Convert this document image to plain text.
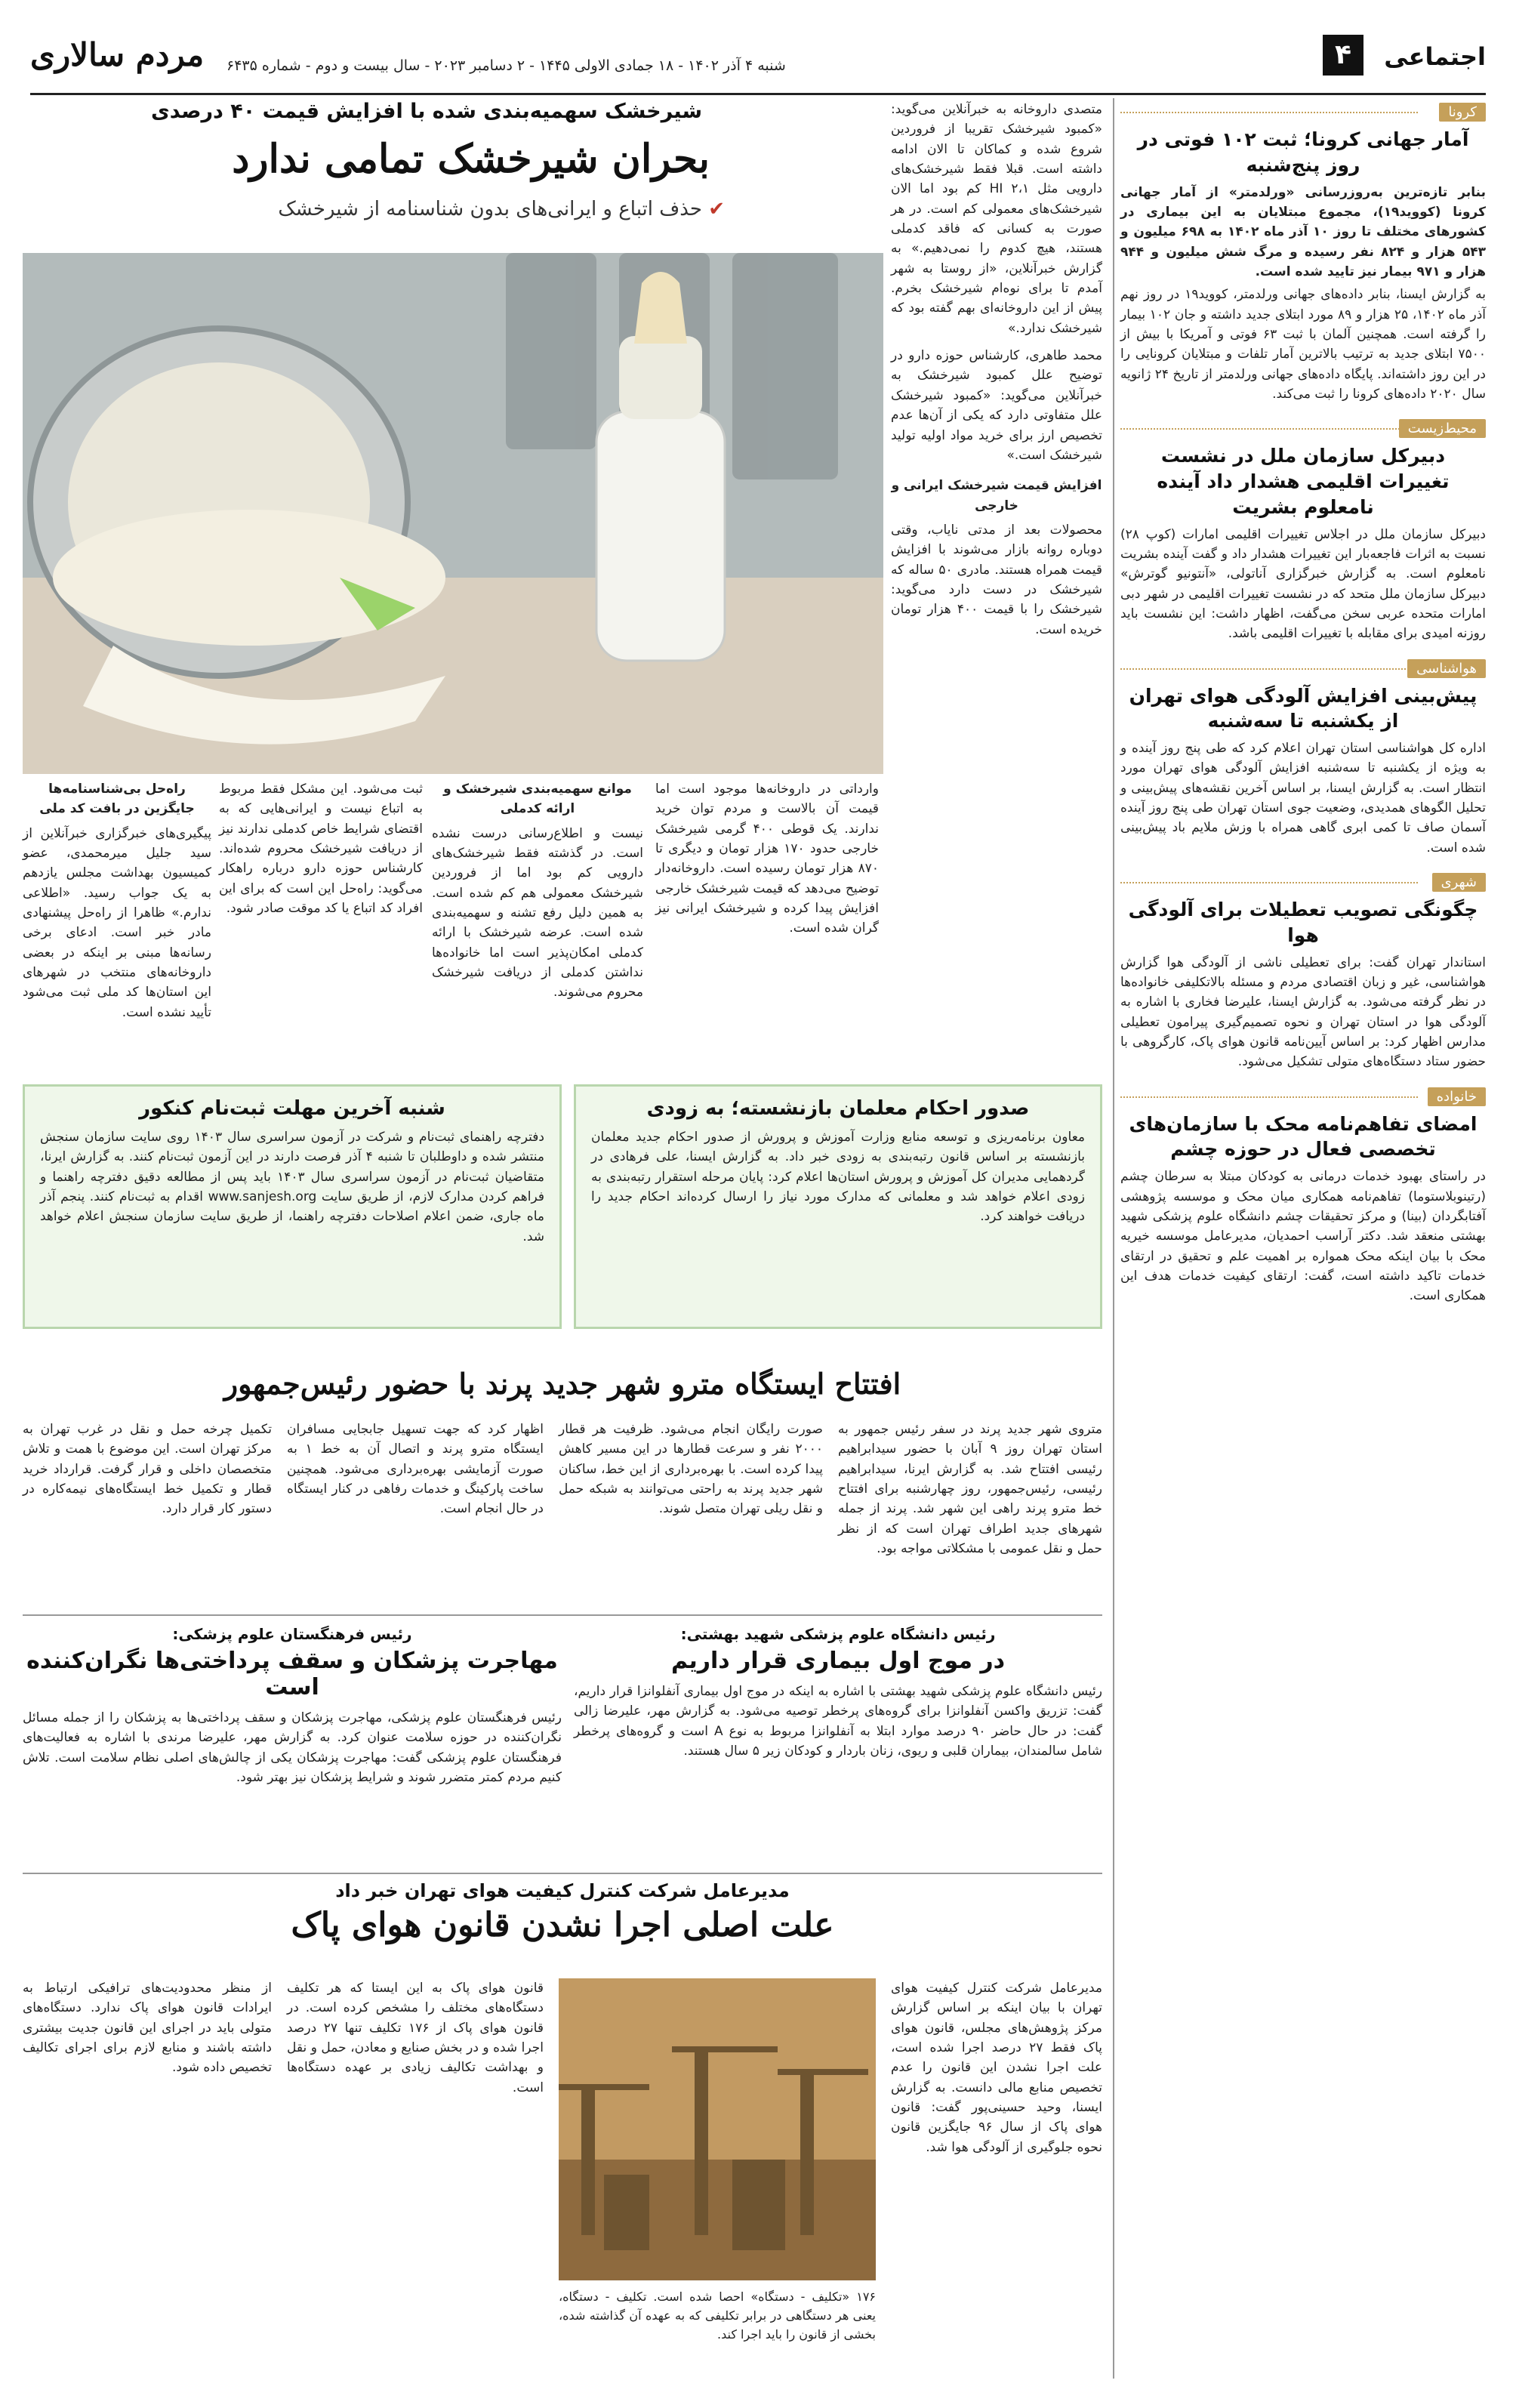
اجتماعی
۴
شنبه ۴ آذر ۱۴۰۲ - ۱۸ جمادی الاولی ۱۴۴۵ - ۲ دسامبر ۲۰۲۳ - سال بیست و دوم - شماره ۶۴۳۵
مردم سالاری
کرونا
آمار جهانی کرونا؛ ثبت ۱۰۲ فوتی در روز پنج‌شنبه
بنابر تازه‌ترین به‌روزرسانی «ورلدمتر» از آمار جهانی کرونا (کووید۱۹)، مجموع مبتلایان به این بیماری در کشورهای مختلف تا روز ۱۰ آذر ماه ۱۴۰۲ به ۶۹۸ میلیون و ۵۴۳ هزار و ۸۲۴ نفر رسیده و مرگ شش میلیون و ۹۴۴ هزار و ۹۷۱ بیمار نیز تایید شده است.
به گزارش ایسنا، بنابر داده‌های جهانی ورلدمتر، کووید۱۹ در روز نهم آذر ماه ۱۴۰۲، ۲۵ هزار و ۸۹ مورد ابتلای جدید داشته و جان ۱۰۲ بیمار را گرفته است. همچنین آلمان با ثبت ۶۳ فوتی و آمریکا با بیش از ۷۵۰۰ ابتلای جدید به ترتیب بالاترین آمار تلفات و مبتلایان کرونایی را در این روز داشته‌اند. پایگاه داده‌های جهانی ورلدمتر از تاریخ ۲۴ ژانویه سال ۲۰۲۰ داده‌های کرونا را ثبت می‌کند.
محیط‌زیست
دبیرکل سازمان ملل در نشست تغییرات اقلیمی هشدار داد آینده نامعلوم بشریت
دبیرکل سازمان ملل در اجلاس تغییرات اقلیمی امارات (کوپ ۲۸) نسبت به اثرات فاجعه‌بار این تغییرات هشدار داد و گفت آینده بشریت نامعلوم است. به گزارش خبرگزاری آناتولی، «آنتونیو گوترش» دبیرکل سازمان ملل متحد که در نشست تغییرات اقلیمی در شهر دبی امارات متحده عربی سخن می‌گفت، اظهار داشت: این نشست باید روزنه امیدی برای مقابله با تغییرات اقلیمی باشد.
هواشناسی
پیش‌بینی افزایش آلودگی هوای تهران از یکشنبه تا سه‌شنبه
اداره کل هواشناسی استان تهران اعلام کرد که طی پنج روز آینده و به ویژه از یکشنبه تا سه‌شنبه افزایش آلودگی هوای تهران مورد انتظار است. به گزارش ایسنا، بر اساس آخرین نقشه‌های پیش‌بینی و تحلیل الگوهای همدیدی، وضعیت جوی استان تهران طی پنج روز آینده آسمان صاف تا کمی ابری گاهی همراه با وزش ملایم باد پیش‌بینی شده است.
شهری
چگونگی تصویب تعطیلات برای آلودگی هوا
استاندار تهران گفت: برای تعطیلی ناشی از آلودگی هوا گزارش هواشناسی، غیر و زبان اقتصادی مردم و مسئله بالاتکلیفی خانواده‌ها در نظر گرفته می‌شود. به گزارش ایسنا، علیرضا فخاری با اشاره به آلودگی هوا در استان تهران و نحوه تصمیم‌گیری پیرامون تعطیلی مدارس اظهار کرد: بر اساس آیین‌نامه قانون هوای پاک، کارگروهی با حضور ستاد دستگاه‌های متولی تشکیل می‌شود.
خانواده
امضای تفاهم‌نامه محک با سازمان‌های تخصصی فعال در حوزه چشم
در راستای بهبود خدمات درمانی به کودکان مبتلا به سرطان چشم (رتینوبلاستوما) تفاهم‌نامه همکاری میان محک و موسسه پژوهشی آفتابگردان (بینا) و مرکز تحقیقات چشم دانشگاه علوم پزشکی شهید بهشتی منعقد شد. دکتر آراسب احمدیان، مدیرعامل موسسه خیریه محک با بیان اینکه محک همواره بر اهمیت علم و تحقیق در ارتقای خدمات تاکید داشته است، گفت: ارتقای کیفیت خدمات هدف این همکاری است.
شیرخشک سهمیه‌بندی شده با افزایش قیمت ۴۰ درصدی
بحران شیرخشک تمامی ندارد
✔ حذف اتباع و ایرانی‌های بدون شناسنامه از شیرخشک
متصدی داروخانه به خبرآنلاین می‌گوید: «کمبود شیرخشک تقریبا از فروردین شروع شده و کماکان تا الان ادامه داشته است. قبلا فقط شیرخشک‌های دارویی مثل HI ۲،۱ کم بود اما الان شیرخشک‌های معمولی کم است. در هر صورت به کسانی که فاقد کدملی هستند، هیچ کدوم را نمی‌دهیم.» به گزارش خبرآنلاین، «از روستا به شهر آمدم تا برای نوه‌ام شیرخشک بخرم. پیش از این داروخانه‌ای بهم گفته بود که شیرخشک ندارد.»
محمد طاهری، کارشناس حوزه دارو در توضیح علل کمبود شیرخشک به خبرآنلاین می‌گوید: «کمبود شیرخشک علل متفاوتی دارد که یکی از آن‌ها عدم تخصیص ارز برای خرید مواد اولیه تولید شیرخشک است.»
افزایش قیمت شیرخشک ایرانی و خارجی
محصولات بعد از مدتی نایاب، وقتی دوباره روانه بازار می‌شوند با افزایش قیمت همراه هستند. مادری ۵۰ ساله که شیرخشک در دست دارد می‌گوید: شیرخشک را با قیمت ۴۰۰ هزار تومان خریده است.
وارداتی در داروخانه‌ها موجود است اما قیمت آن بالاست و مردم توان خرید ندارند. یک قوطی ۴۰۰ گرمی شیرخشک خارجی حدود ۱۷۰ هزار تومان و دیگری تا ۸۷۰ هزار تومان رسیده است. داروخانه‌دار توضیح می‌دهد که قیمت شیرخشک خارجی افزایش پیدا کرده و شیرخشک ایرانی نیز گران شده است.
موانع سهمیه‌بندی شیرخشک و ارائه کدملی
نیست و اطلاع‌رسانی درست نشده است. در گذشته فقط شیرخشک‌های دارویی کم بود اما از فروردین شیرخشک معمولی هم کم شده است. به همین دلیل رفع تشنه و سهمیه‌بندی شده است. عرضه شیرخشک با ارائه کدملی امکان‌پذیر است اما خانواده‌ها نداشتن کدملی از دریافت شیرخشک محروم می‌شوند.
ثبت می‌شود. این مشکل فقط مربوط به اتباع نیست و ایرانی‌هایی که به اقتضای شرایط خاص کدملی ندارند نیز از دریافت شیرخشک محروم شده‌اند. کارشناس حوزه دارو درباره راهکار می‌گوید: راه‌حل این است که برای این افراد کد اتباع یا کد موقت صادر شود.
راه‌حل بی‌شناسنامه‌ها جایگزین در بافت کد ملی
پیگیری‌های خبرگزاری خبرآنلاین از سید جلیل میرمحمدی، عضو کمیسیون بهداشت مجلس یازدهم به یک جواب رسید. «اطلاعی ندارم.» ظاهرا از راه‌حل پیشنهادی مادر خبر است. ادعای برخی رسانه‌ها مبنی بر اینکه در بعضی داروخانه‌های منتخب در شهرهای این استان‌ها کد ملی ثبت می‌شود تأیید نشده است.
صدور احکام معلمان بازنشسته؛ به زودی
معاون برنامه‌ریزی و توسعه منابع وزارت آموزش و پرورش از صدور احکام جدید معلمان بازنشسته بر اساس قانون رتبه‌بندی به زودی خبر داد. به گزارش ایسنا، علی فرهادی در گردهمایی مدیران کل آموزش و پرورش استان‌ها اعلام کرد: پایان مرحله استقرار رتبه‌بندی به زودی اعلام خواهد شد و معلمانی که مدارک مورد نیاز را ارسال کرده‌اند احکام جدید را دریافت خواهند کرد.
شنبه آخرین مهلت ثبت‌نام کنکور
دفترچه راهنمای ثبت‌نام و شرکت در آزمون سراسری سال ۱۴۰۳ روی سایت سازمان سنجش منتشر شده و داوطلبان تا شنبه ۴ آذر فرصت دارند در این آزمون ثبت‌نام کنند. به گزارش ایرنا، متقاضیان ثبت‌نام در آزمون سراسری سال ۱۴۰۳ باید پس از مطالعه دقیق دفترچه راهنما و فراهم کردن مدارک لازم، از طریق سایت www.sanjesh.org اقدام به ثبت‌نام کنند. پنجم آذر ماه جاری، ضمن اعلام اصلاحات دفترچه راهنما، از طریق سایت سازمان سنجش اعلام خواهد شد.
افتتاح ایستگاه مترو شهر جدید پرند با حضور رئیس‌جمهور
متروی شهر جدید پرند در سفر رئیس جمهور به استان تهران روز ۹ آبان با حضور سیدابراهیم رئیسی افتتاح شد. به گزارش ایرنا، سیدابراهیم رئیسی، رئیس‌جمهور، روز چهارشنبه برای افتتاح خط مترو پرند راهی این شهر شد. پرند از جمله شهرهای جدید اطراف تهران است که از نظر حمل و نقل عمومی با مشکلاتی مواجه بود.
صورت رایگان انجام می‌شود. ظرفیت هر قطار ۲۰۰۰ نفر و سرعت قطارها در این مسیر کاهش پیدا کرده است. با بهره‌برداری از این خط، ساکنان شهر جدید پرند به راحتی می‌توانند به شبکه حمل و نقل ریلی تهران متصل شوند.
اظهار کرد که جهت تسهیل جابجایی مسافران ایستگاه مترو پرند و اتصال آن به خط ۱ به صورت آزمایشی بهره‌برداری می‌شود. همچنین ساخت پارکینگ و خدمات رفاهی در کنار ایستگاه در حال انجام است.
تکمیل چرخه حمل و نقل در غرب تهران به مرکز تهران است. این موضوع با همت و تلاش متخصصان داخلی و قرار گرفت. قرارداد خرید قطار و تکمیل خط ایستگاه‌های نیمه‌کاره در دستور کار قرار دارد.
رئیس دانشگاه علوم پزشکی شهید بهشتی:
در موج اول بیماری قرار داریم
رئیس دانشگاه علوم پزشکی شهید بهشتی با اشاره به اینکه در موج اول بیماری آنفلوانزا قرار داریم، گفت: تزریق واکسن آنفلوانزا برای گروه‌های پرخطر توصیه می‌شود. به گزارش مهر، علیرضا زالی گفت: در حال حاضر ۹۰ درصد موارد ابتلا به آنفلوانزا مربوط به نوع A است و گروه‌های پرخطر شامل سالمندان، بیماران قلبی و ریوی، زنان باردار و کودکان زیر ۵ سال هستند.
رئیس فرهنگستان علوم پزشکی:
مهاجرت پزشکان و سقف پرداختی‌ها نگران‌کننده است
رئیس فرهنگستان علوم پزشکی، مهاجرت پزشکان و سقف پرداختی‌ها به پزشکان را از جمله مسائل نگران‌کننده در حوزه سلامت عنوان کرد. به گزارش مهر، علیرضا مرندی با اشاره به فعالیت‌های فرهنگستان علوم پزشکی گفت: مهاجرت پزشکان یکی از چالش‌های اصلی نظام سلامت است. تلاش کنیم مردم کمتر متضرر شوند و شرایط پزشکان نیز بهتر شود.
مدیرعامل شرکت کنترل کیفیت هوای تهران خبر داد
علت اصلی اجرا نشدن قانون هوای پاک
مدیرعامل شرکت کنترل کیفیت هوای تهران با بیان اینکه بر اساس گزارش مرکز پژوهش‌های مجلس، قانون هوای پاک فقط ۲۷ درصد اجرا شده است، علت اجرا نشدن این قانون را عدم تخصیص منابع مالی دانست. به گزارش ایسنا، وحید حسینی‌پور گفت: قانون هوای پاک از سال ۹۶ جایگزین قانون نحوه جلوگیری از آلودگی هوا شد.
۱۷۶ «تکلیف - دستگاه» احصا شده است. تکلیف - دستگاه، یعنی هر دستگاهی در برابر تکلیفی که به عهده آن گذاشته شده، بخشی از قانون را باید اجرا کند.
قانون هوای پاک به این ایستا که هر تکلیف دستگاه‌های مختلف را مشخص کرده است. در قانون هوای پاک از ۱۷۶ تکلیف تنها ۲۷ درصد اجرا شده و در بخش صنایع و معادن، حمل و نقل و بهداشت تکالیف زیادی بر عهده دستگاه‌ها است.
از منظر محدودیت‌های ترافیکی ارتباط به ایرادات قانون هوای پاک ندارد. دستگاه‌های متولی باید در اجرای این قانون جدیت بیشتری داشته باشند و منابع لازم برای اجرای تکالیف تخصیص داده شود.
